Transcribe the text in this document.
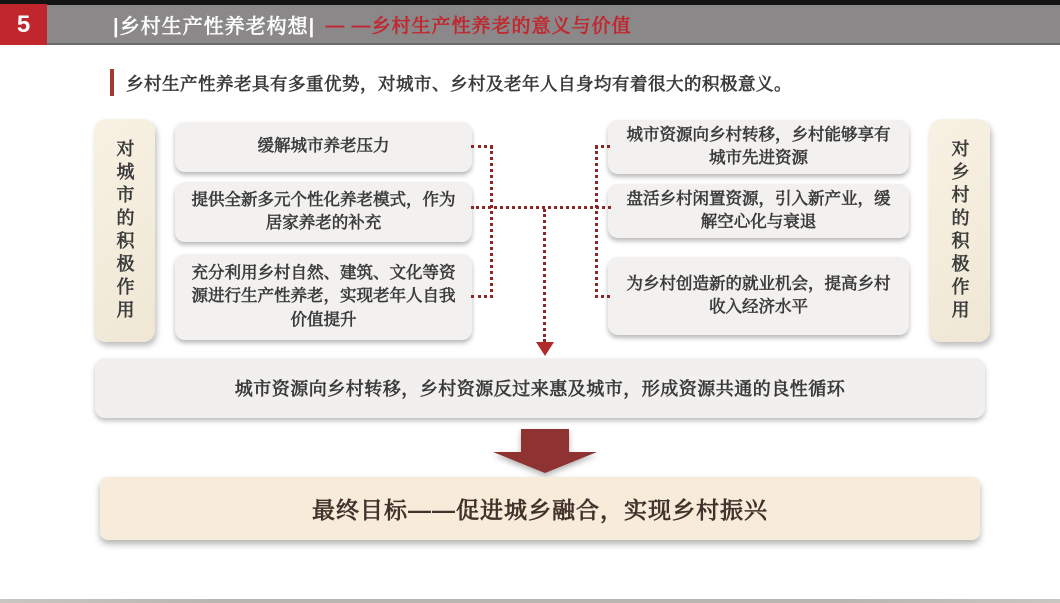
5	|乡村生产性养老构想| — —乡村生产性养老的意义与价值
乡村生产性养老具有多重优势，对城市、乡村及老年人自身均有着很大的积极意义。
对城市的积极作用	对乡村的积极作用
缓解城市养老压力
提供全新多元个性化养老模式，作为居家养老的补充
充分利用乡村自然、建筑、文化等资源进行生产性养老，实现老年人自我价值提升
城市资源向乡村转移，乡村能够享有城市先进资源
盘活乡村闲置资源，引入新产业，缓解空心化与衰退
为乡村创造新的就业机会，提高乡村收入经济水平
城市资源向乡村转移，乡村资源反过来惠及城市，形成资源共通的良性循环
最终目标——促进城乡融合，实现乡村振兴
